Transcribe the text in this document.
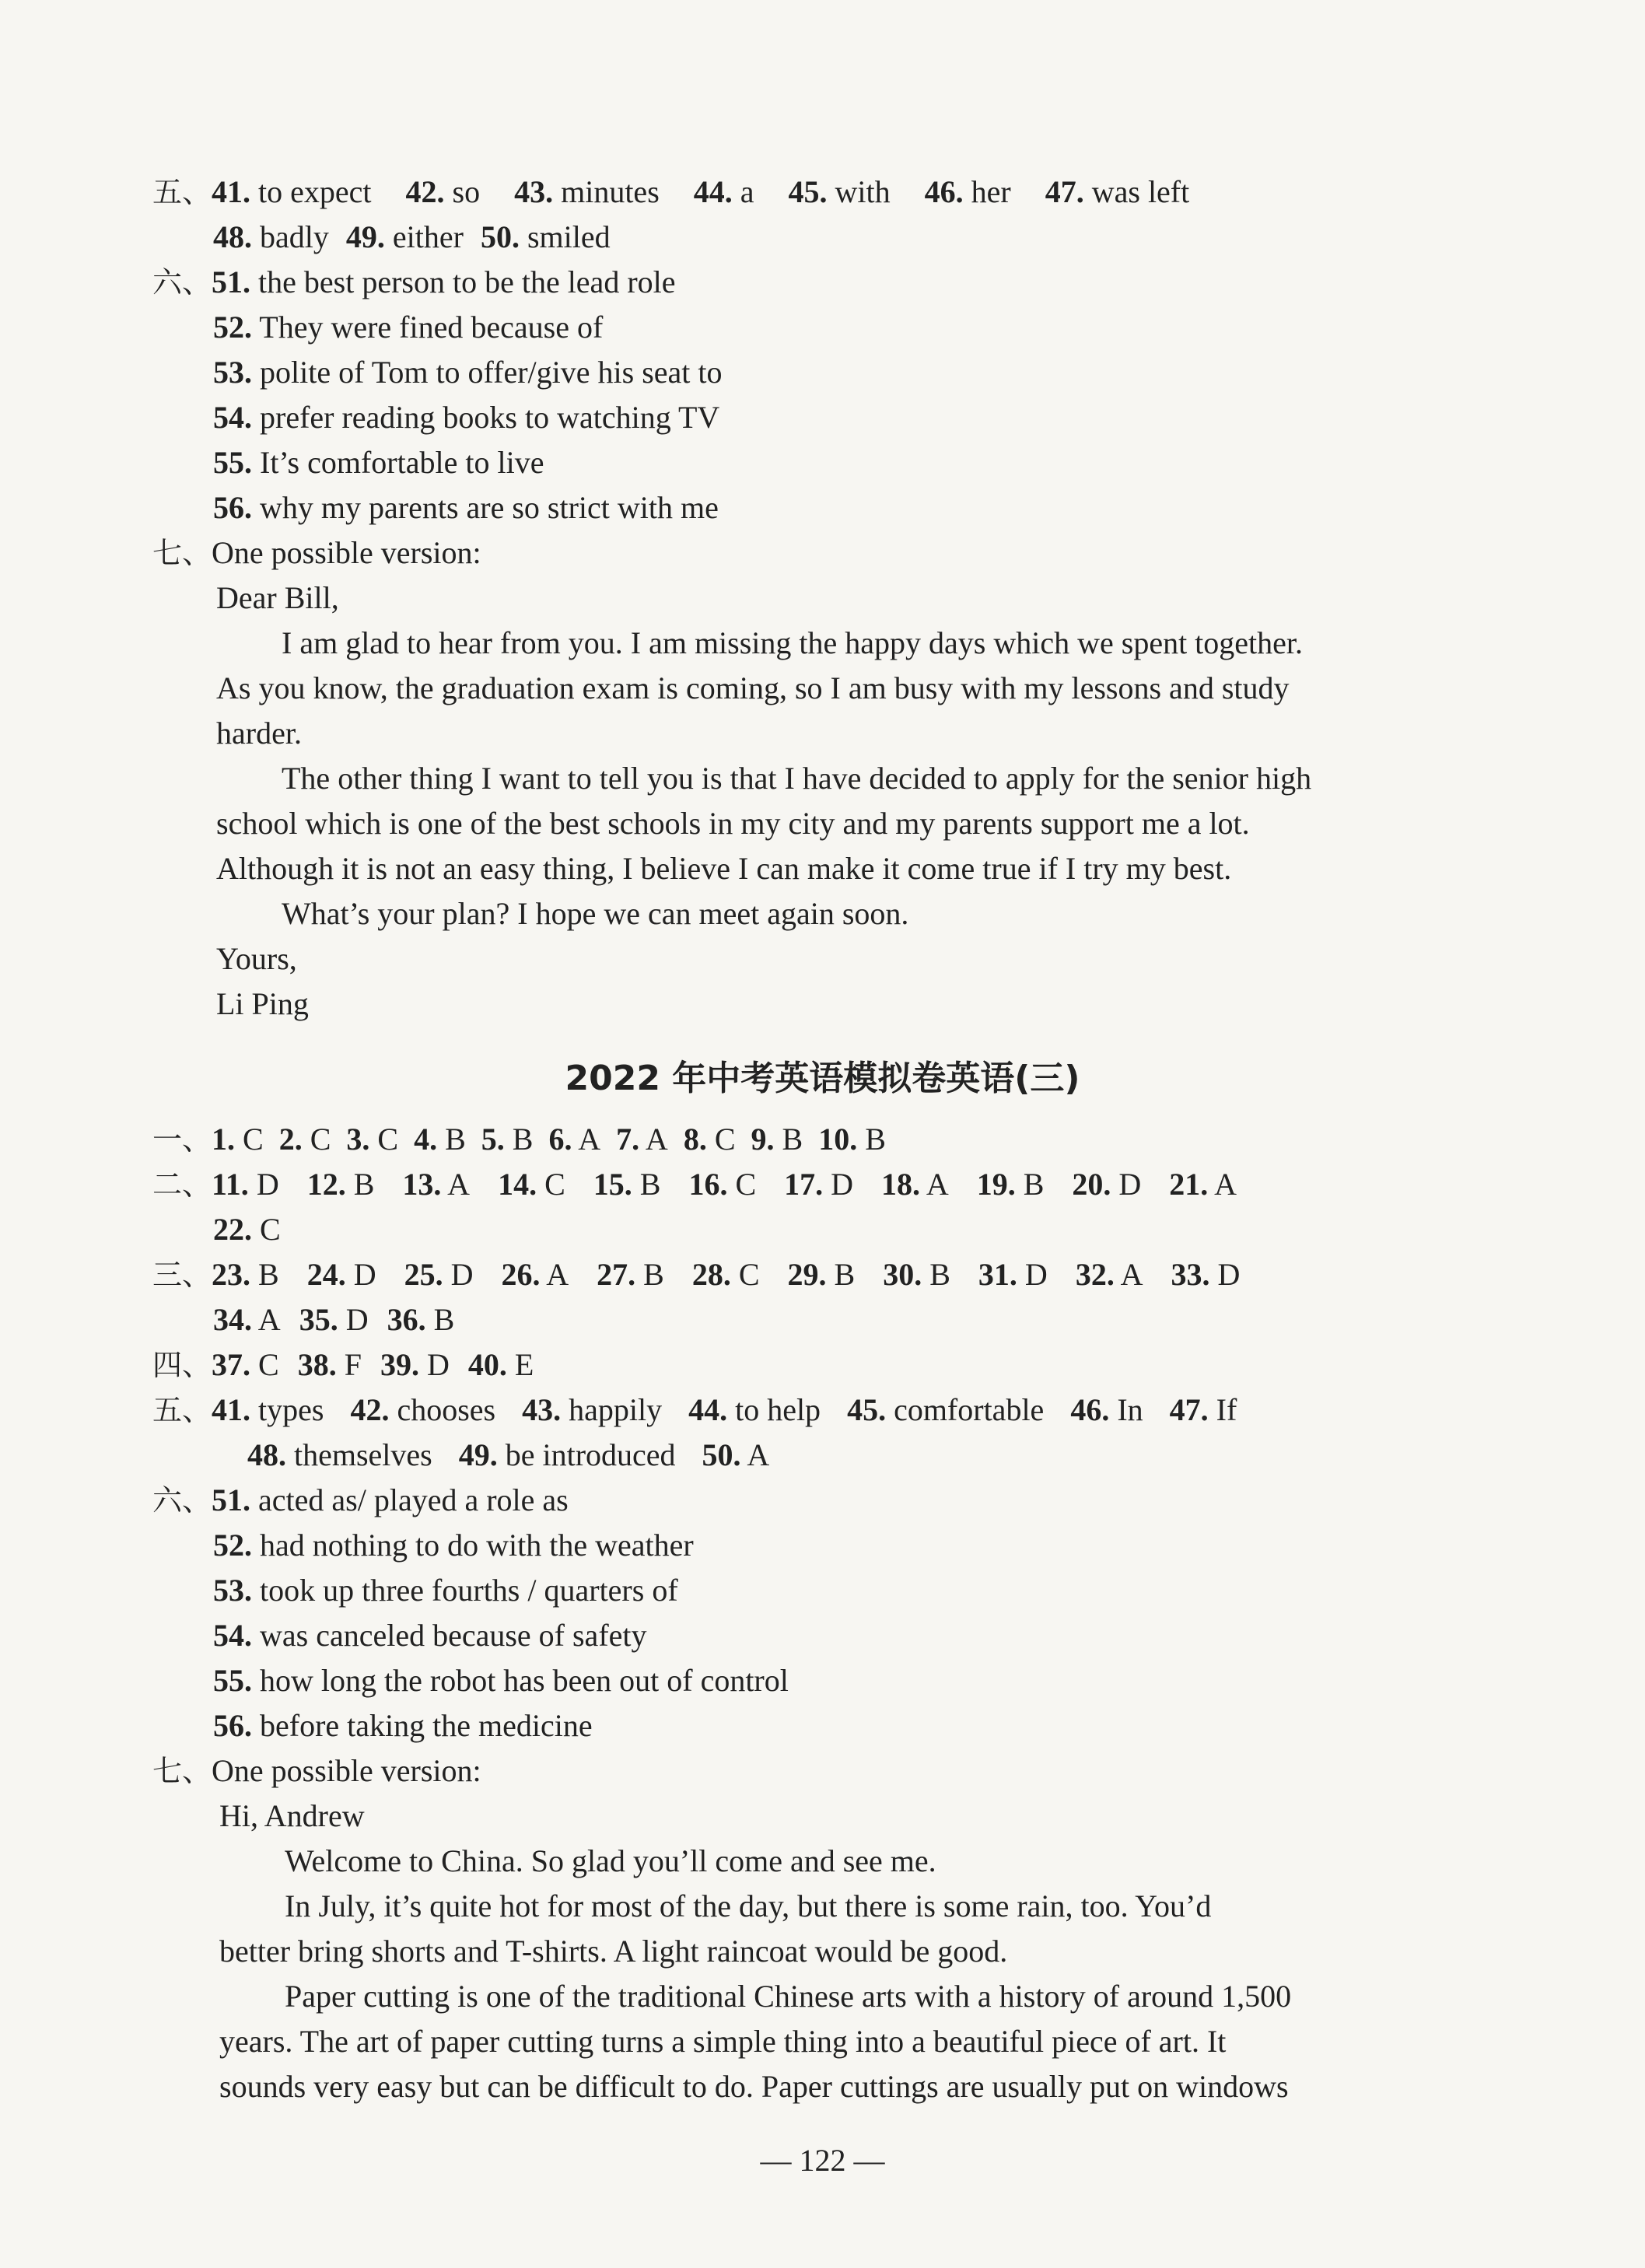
五、41. to expect 42. so 43. minutes 44. a 45. with 46. her 47. was left
48. badly 49. either 50. smiled
六、51. the best person to be the lead role
52. They were fined because of
53. polite of Tom to offer/give his seat to
54. prefer reading books to watching TV
55. It’s comfortable to live
56. why my parents are so strict with me
七、One possible version:
Dear Bill,
I am glad to hear from you. I am missing the happy days which we spent together.
As you know, the graduation exam is coming, so I am busy with my lessons and study
harder.
The other thing I want to tell you is that I have decided to apply for the senior high
school which is one of the best schools in my city and my parents support me a lot.
Although it is not an easy thing, I believe I can make it come true if I try my best.
What’s your plan? I hope we can meet again soon.
Yours,
Li Ping
2022 年中考英语模拟卷英语(三)
一、1. C 2. C 3. C 4. B 5. B 6. A 7. A 8. C 9. B 10. B
二、11. D 12. B 13. A 14. C 15. B 16. C 17. D 18. A 19. B 20. D 21. A
22. C
三、23. B 24. D 25. D 26. A 27. B 28. C 29. B 30. B 31. D 32. A 33. D
34. A 35. D 36. B
四、37. C 38. F 39. D 40. E
五、41. types 42. chooses 43. happily 44. to help 45. comfortable 46. In 47. If
48. themselves 49. be introduced 50. A
六、51. acted as/ played a role as
52. had nothing to do with the weather
53. took up three fourths / quarters of
54. was canceled because of safety
55. how long the robot has been out of control
56. before taking the medicine
七、One possible version:
Hi, Andrew
Welcome to China. So glad you’ll come and see me.
In July, it’s quite hot for most of the day, but there is some rain, too. You’d
better bring shorts and T-shirts. A light raincoat would be good.
Paper cutting is one of the traditional Chinese arts with a history of around 1,500
years. The art of paper cutting turns a simple thing into a beautiful piece of art. It
sounds very easy but can be difficult to do. Paper cuttings are usually put on windows
— 122 —
